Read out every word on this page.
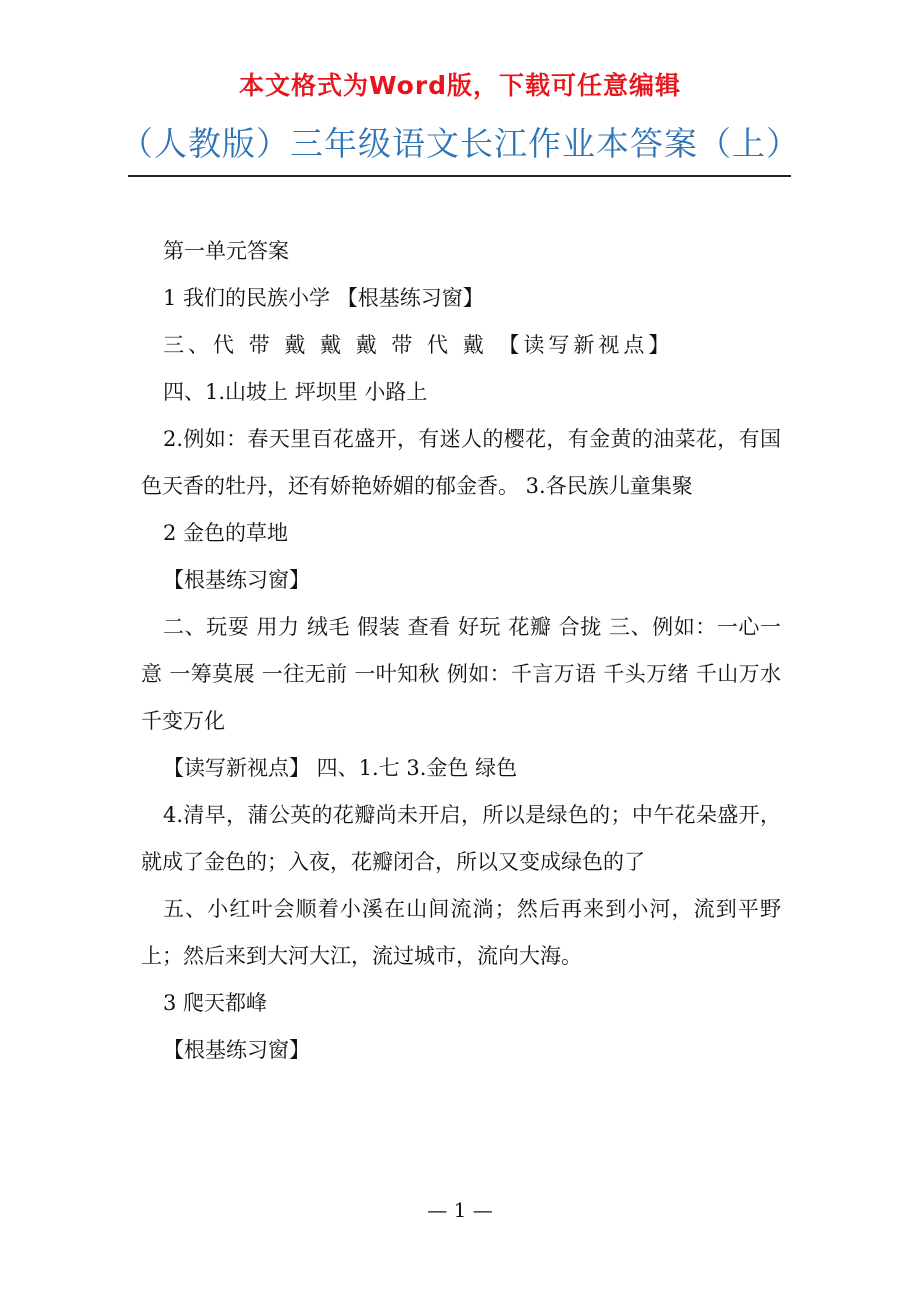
本文格式为Word版，下载可任意编辑
（人教版）三年级语文长江作业本答案（上）

第一单元答案

1 我们的民族小学 【根基练习窗】

三、代 带 戴 戴 戴 带 代 戴 【读写新视点】

四、1.山坡上 坪坝里 小路上

2.例如：春天里百花盛开，有迷人的樱花，有金黄的油菜花，有国色天香的牡丹，还有娇艳娇媚的郁金香。 3.各民族儿童集聚

2 金色的草地

【根基练习窗】

二、玩耍 用力 绒毛 假装 查看 好玩 花瓣 合拢 三、例如：一心一意 一筹莫展 一往无前 一叶知秋 例如：千言万语 千头万绪 千山万水 千变万化

【读写新视点】 四、1.七 3.金色 绿色

4.清早，蒲公英的花瓣尚未开启，所以是绿色的；中午花朵盛开，就成了金色的；入夜，花瓣闭合，所以又变成绿色的了

五、小红叶会顺着小溪在山间流淌；然后再来到小河，流到平野上；然后来到大河大江，流过城市，流向大海。

3 爬天都峰

【根基练习窗】

— 1 —
